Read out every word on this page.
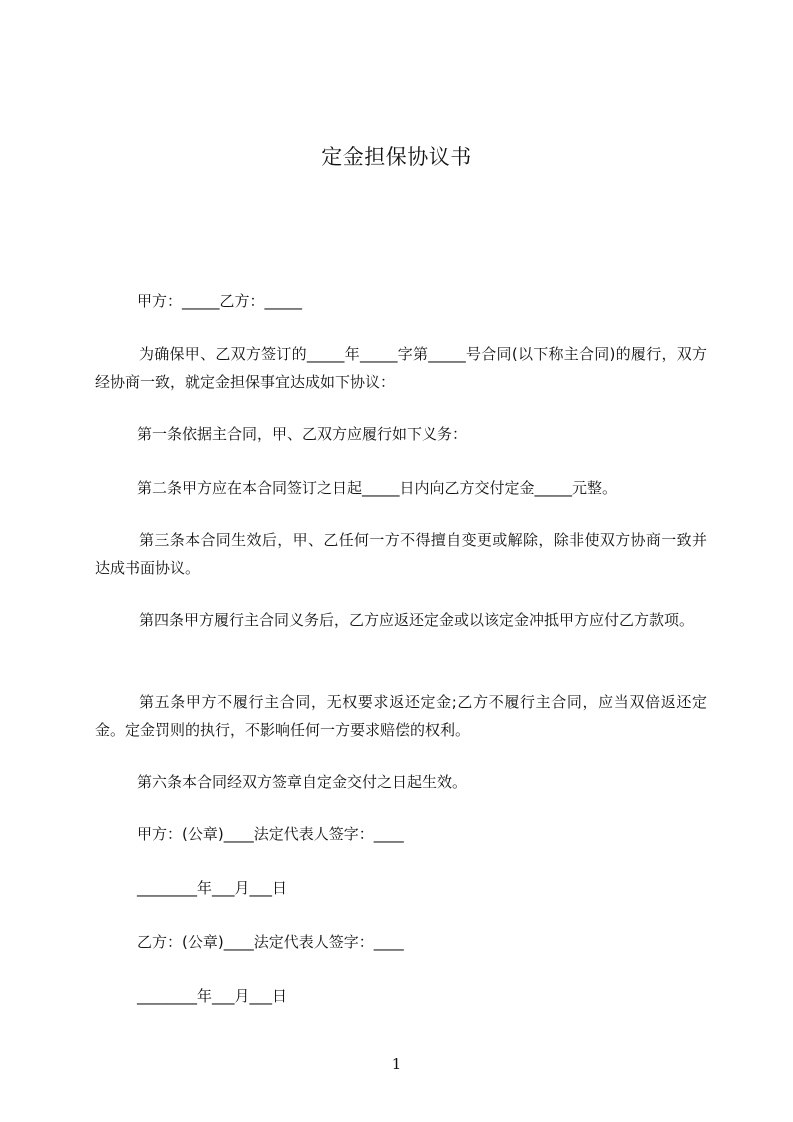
定金担保协议书

甲方：_____乙方：_____

为确保甲、乙双方签订的_____年_____字第_____号合同(以下称主合同)的履行，双方经协商一致，就定金担保事宜达成如下协议：

第一条依据主合同，甲、乙双方应履行如下义务：

第二条甲方应在本合同签订之日起_____日内向乙方交付定金_____元整。

第三条本合同生效后，甲、乙任何一方不得擅自变更或解除，除非使双方协商一致并达成书面协议。

第四条甲方履行主合同义务后，乙方应返还定金或以该定金冲抵甲方应付乙方款项。

第五条甲方不履行主合同，无权要求返还定金;乙方不履行主合同，应当双倍返还定金。定金罚则的执行，不影响任何一方要求赔偿的权利。

第六条本合同经双方签章自定金交付之日起生效。

甲方：(公章)____法定代表人签字：____

________年___月___日

乙方：(公章)____法定代表人签字：____

________年___月___日

1
